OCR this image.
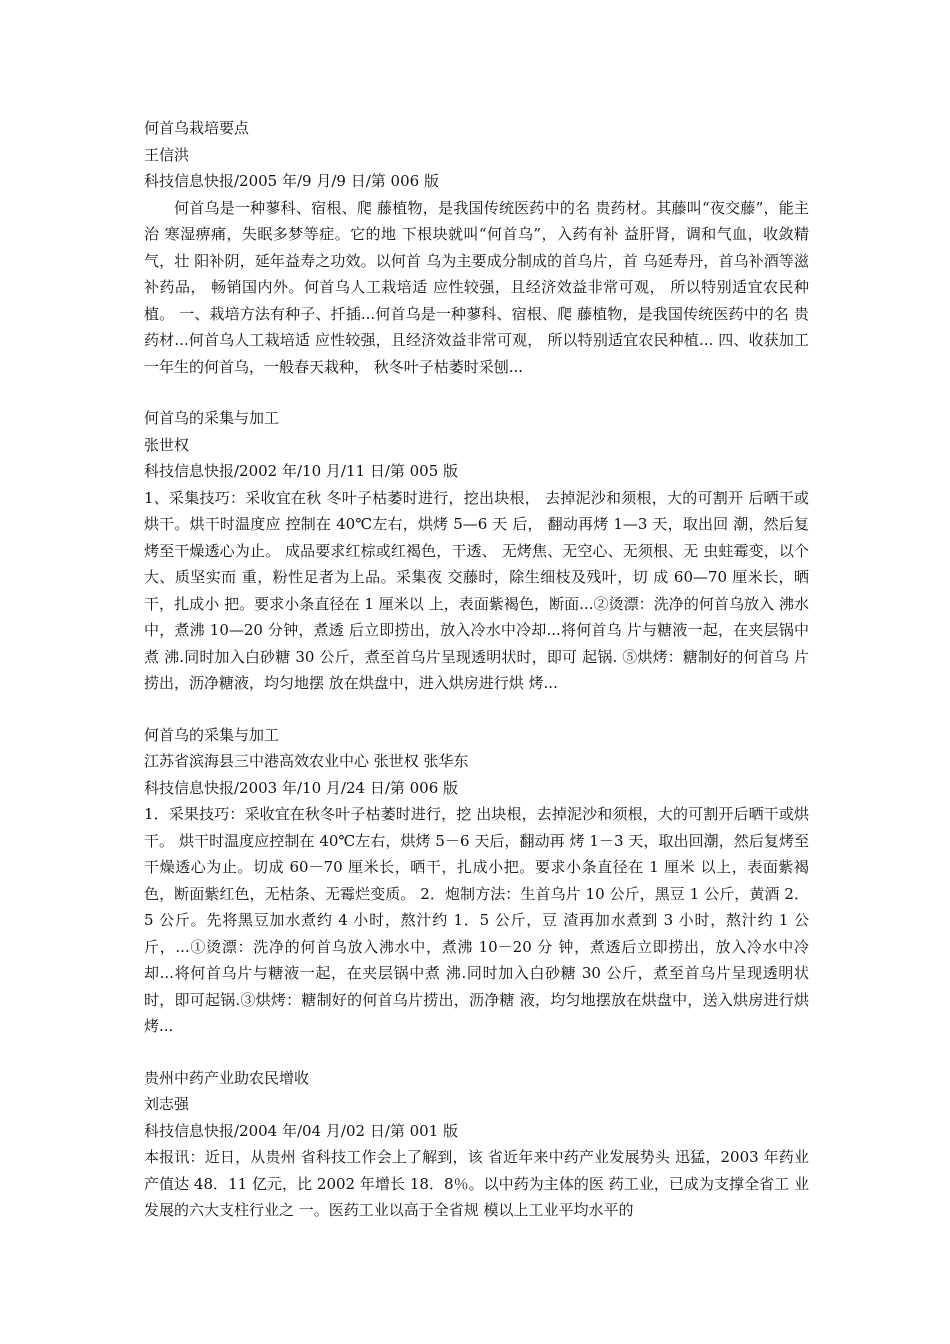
何首乌栽培要点
王信洪
科技信息快报/2005 年/9 月/9 日/第 006 版

何首乌是一种蓼科、宿根、爬 藤植物，是我国传统医药中的名 贵药材。其藤叫“夜交藤”，能主治 寒湿痹痛，失眠多梦等症。它的地 下根块就叫“何首乌”，入药有补 益肝肾，调和气血，收敛精气，壮 阳补阴，延年益寿之功效。以何首 乌为主要成分制成的首乌片，首 乌延寿丹，首乌补酒等滋补药品， 畅销国内外。何首乌人工栽培适 应性较强，且经济效益非常可观， 所以特别适宜农民种植。 一、栽培方法有种子、扦插...何首乌是一种蓼科、宿根、爬 藤植物，是我国传统医药中的名 贵药材...何首乌人工栽培适 应性较强，且经济效益非常可观， 所以特别适宜农民种植... 四、收获加工 一年生的何首乌，一般春天栽种， 秋冬叶子枯萎时采刨...

何首乌的采集与加工
张世权
科技信息快报/2002 年/10 月/11 日/第 005 版

1、采集技巧：采收宜在秋 冬叶子枯萎时进行，挖出块根， 去掉泥沙和须根，大的可割开 后晒干或烘干。烘干时温度应 控制在 40℃左右，烘烤 5—6 天 后， 翻动再烤 1—3 天，取出回 潮，然后复烤至干燥透心为止。 成品要求红棕或红褐色，干透、 无烤焦、无空心、无须根、无 虫蛀霉变，以个大、质坚实而 重，粉性足者为上品。采集夜 交藤时，除生细枝及残叶，切 成 60—70 厘米长，晒干，扎成小 把。要求小条直径在 1 厘米以 上，表面紫褐色，断面...②烫漂：洗净的何首乌放入 沸水中，煮沸 10—20 分钟，煮透 后立即捞出，放入冷水中冷却...将何首乌 片与糖液一起，在夹层锅中煮 沸.同时加入白砂糖 30 公斤，煮至首乌片呈现透明状时，即可 起锅. ⑤烘烤：糖制好的何首乌 片捞出，沥净糖液，均匀地摆 放在烘盘中，进入烘房进行烘 烤...

何首乌的采集与加工
江苏省滨海县三中港高效农业中心 张世权 张华东
科技信息快报/2003 年/10 月/24 日/第 006 版

1．采果技巧：采收宜在秋冬叶子枯萎时进行，挖 出块根，去掉泥沙和须根，大的可割开后晒干或烘干。 烘干时温度应控制在 40℃左右，烘烤 5－6 天后，翻动再 烤 1－3 天，取出回潮，然后复烤至干燥透心为止。切成 60－70 厘米长，晒干，扎成小把。要求小条直径在 1 厘米 以上，表面紫褐色，断面紫红色，无枯条、无霉烂变质。 2．炮制方法：生首乌片 10 公斤，黑豆 1 公斤，黄酒 2．5 公斤。先将黑豆加水煮约 4 小时，熬汁约 1．5 公斤，豆 渣再加水煮到 3 小时，熬汁约 1 公斤，...①烫漂：洗净的何首乌放入沸水中，煮沸 10－20 分 钟，煮透后立即捞出，放入冷水中冷却...将何首乌片与糖液一起，在夹层锅中煮 沸.同时加入白砂糖 30 公斤，煮至首乌片呈现透明状 时，即可起锅.③烘烤：糖制好的何首乌片捞出，沥净糖 液，均匀地摆放在烘盘中，送入烘房进行烘烤...

贵州中药产业助农民增收
刘志强
科技信息快报/2004 年/04 月/02 日/第 001 版

本报讯：近日，从贵州 省科技工作会上了解到，该 省近年来中药产业发展势头 迅猛，2003 年药业产值达 48．11 亿元，比 2002 年增长 18．8％。以中药为主体的医 药工业，已成为支撑全省工 业发展的六大支柱行业之 一。医药工业以高于全省规 模以上工业平均水平的
